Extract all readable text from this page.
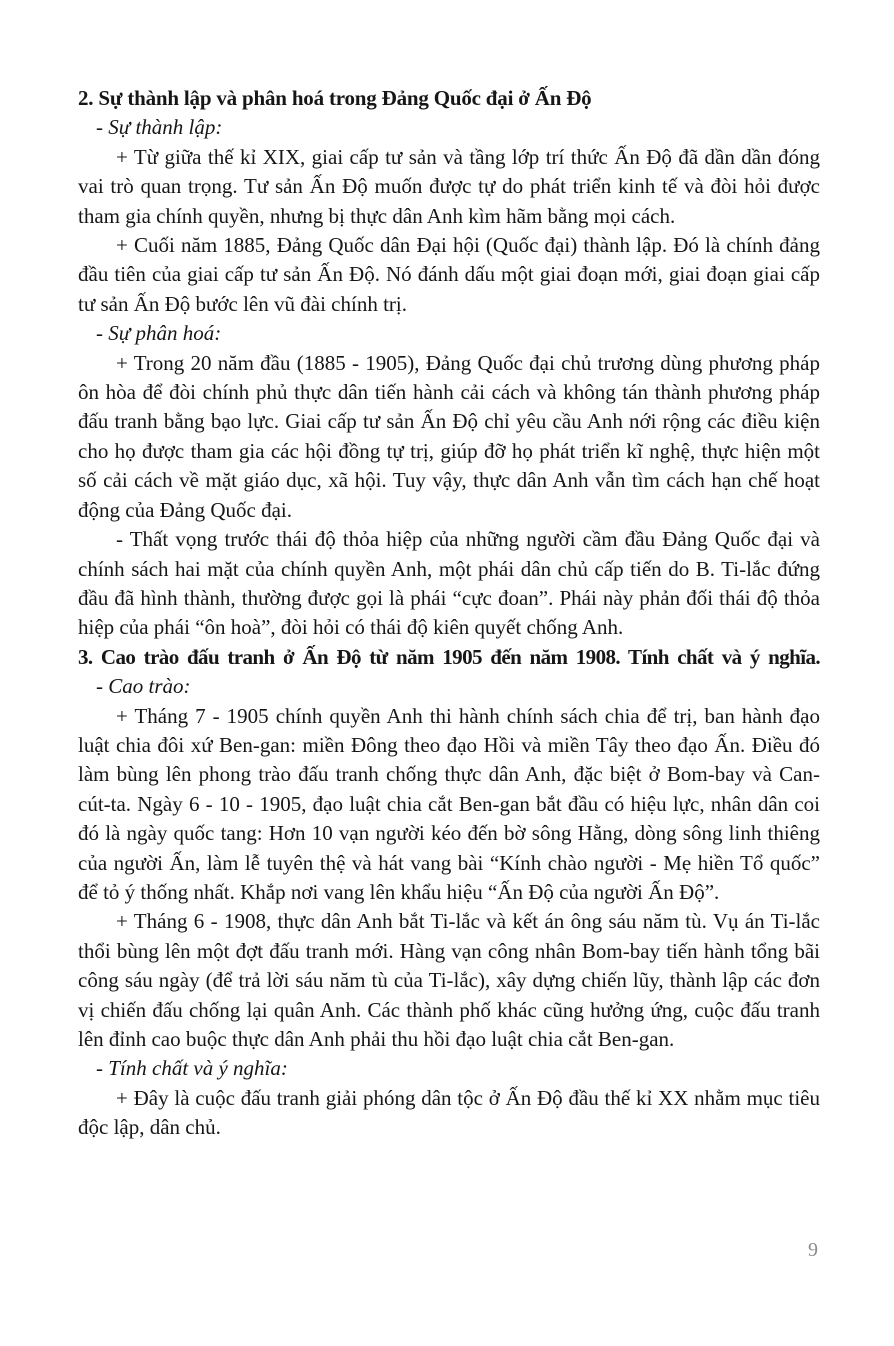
2. Sự thành lập và phân hoá trong Đảng Quốc đại ở Ấn Độ

- Sự thành lập:

+ Từ giữa thế kỉ XIX, giai cấp tư sản và tầng lớp trí thức Ấn Độ đã dần dần đóng vai trò quan trọng. Tư sản Ấn Độ muốn được tự do phát triển kinh tế và đòi hỏi được tham gia chính quyền, nhưng bị thực dân Anh kìm hãm bằng mọi cách.

+ Cuối năm 1885, Đảng Quốc dân Đại hội (Quốc đại) thành lập. Đó là chính đảng đầu tiên của giai cấp tư sản Ấn Độ. Nó đánh dấu một giai đoạn mới, giai đoạn giai cấp tư sản Ấn Độ bước lên vũ đài chính trị.

- Sự phân hoá:

+ Trong 20 năm đầu (1885 - 1905), Đảng Quốc đại chủ trương dùng phương pháp ôn hòa để đòi chính phủ thực dân tiến hành cải cách và không tán thành phương pháp đấu tranh bằng bạo lực. Giai cấp tư sản Ấn Độ chỉ yêu cầu Anh nới rộng các điều kiện cho họ được tham gia các hội đồng tự trị, giúp đỡ họ phát triển kĩ nghệ, thực hiện một số cải cách về mặt giáo dục, xã hội. Tuy vậy, thực dân Anh vẫn tìm cách hạn chế hoạt động của Đảng Quốc đại.

- Thất vọng trước thái độ thỏa hiệp của những người cầm đầu Đảng Quốc đại và chính sách hai mặt của chính quyền Anh, một phái dân chủ cấp tiến do B. Ti-lắc đứng đầu đã hình thành, thường được gọi là phái “cực đoan”. Phái này phản đối thái độ thỏa hiệp của phái “ôn hoà”, đòi hỏi có thái độ kiên quyết chống Anh.

3. Cao trào đấu tranh ở Ấn Độ từ năm 1905 đến năm 1908. Tính chất và ý nghĩa.

- Cao trào:

+ Tháng 7 - 1905 chính quyền Anh thi hành chính sách chia để trị, ban hành đạo luật chia đôi xứ Ben-gan: miền Đông theo đạo Hồi và miền Tây theo đạo Ấn. Điều đó làm bùng lên phong trào đấu tranh chống thực dân Anh, đặc biệt ở Bom-bay và Can-cút-ta. Ngày 6 - 10 - 1905, đạo luật chia cắt Ben-gan bắt đầu có hiệu lực, nhân dân coi đó là ngày quốc tang: Hơn 10 vạn người kéo đến bờ sông Hằng, dòng sông linh thiêng của người Ấn, làm lễ tuyên thệ và hát vang bài “Kính chào người - Mẹ hiền Tổ quốc” để tỏ ý thống nhất. Khắp nơi vang lên khẩu hiệu “Ấn Độ của người Ấn Độ”.

+ Tháng 6 - 1908, thực dân Anh bắt Ti-lắc và kết án ông sáu năm tù. Vụ án Ti-lắc thổi bùng lên một đợt đấu tranh mới. Hàng vạn công nhân Bom-bay tiến hành tổng bãi công sáu ngày (để trả lời sáu năm tù của Ti-lắc), xây dựng chiến lũy, thành lập các đơn vị chiến đấu chống lại quân Anh. Các thành phố khác cũng hưởng ứng, cuộc đấu tranh lên đỉnh cao buộc thực dân Anh phải thu hồi đạo luật chia cắt Ben-gan.

- Tính chất và ý nghĩa:

+ Đây là cuộc đấu tranh giải phóng dân tộc ở Ấn Độ đầu thế kỉ XX nhằm mục tiêu độc lập, dân chủ.

9
